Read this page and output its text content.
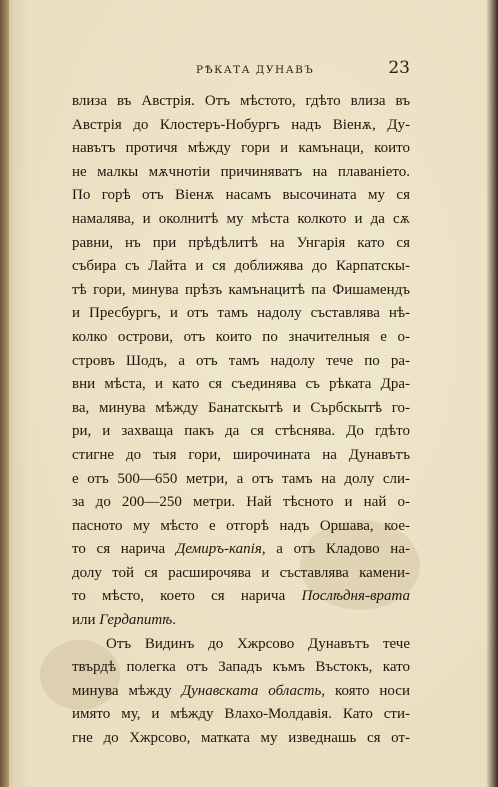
РѢКАТА ДУНАВЪ	23
влиза въ Австрія. Отъ мѣстото, гдѣто влиза въ
Австрія до Клостеръ-Нобургъ надъ Віенѫ, Ду-
навътъ протичя мѣжду гори и камънаци, които
не малкы мѫчнотіи причиняватъ на плаваніето.
По горѣ отъ Віенѫ насамъ высочината му ся
намалява, и околнитѣ му мѣста колкото и да сѫ
равни, нъ при прѣдѣлитѣ на Унгарія като ся
събира съ Лайта и ся доближява до Карпатскы-
тѣ гори, минува прѣзъ камънацитѣ па Фишамендъ
и Пресбургъ, и отъ тамъ надолу съставлява нѣ-
колко острови, отъ които по значителныя е о-
стровъ Шодъ, а отъ тамъ надолу тече по ра-
вни мѣста, и като ся съединява съ рѣката Дра-
ва, минува мѣжду Банатскытѣ и Сърбскытѣ го-
ри, и захваща пакъ да ся стѣснява. До гдѣто
стигне до тыя гори, широчината на Дунавътъ
е отъ 500—650 метри, а отъ тамъ на долу сли-
за до 200—250 метри. Най тѣсното и най о-
пасното му мѣсто е отгорѣ надъ Оршава, кое-
то ся нарича Демиръ-капія, а отъ Кладово на-
долу той ся расширочява и съставлява камени-
то мѣсто, което ся нарича Послѣдня-врата
или Гердапитѣ.
Отъ Видинъ до Хжрсово Дунавътъ тече
твърдѣ полегка отъ Западъ къмъ Въстокъ, като
минува мѣжду Дунавската область, която носи
имято му, и мѣжду Влахо-Молдавія. Като сти-
гне до Хжрсово, матката му изведнашь ся от-
